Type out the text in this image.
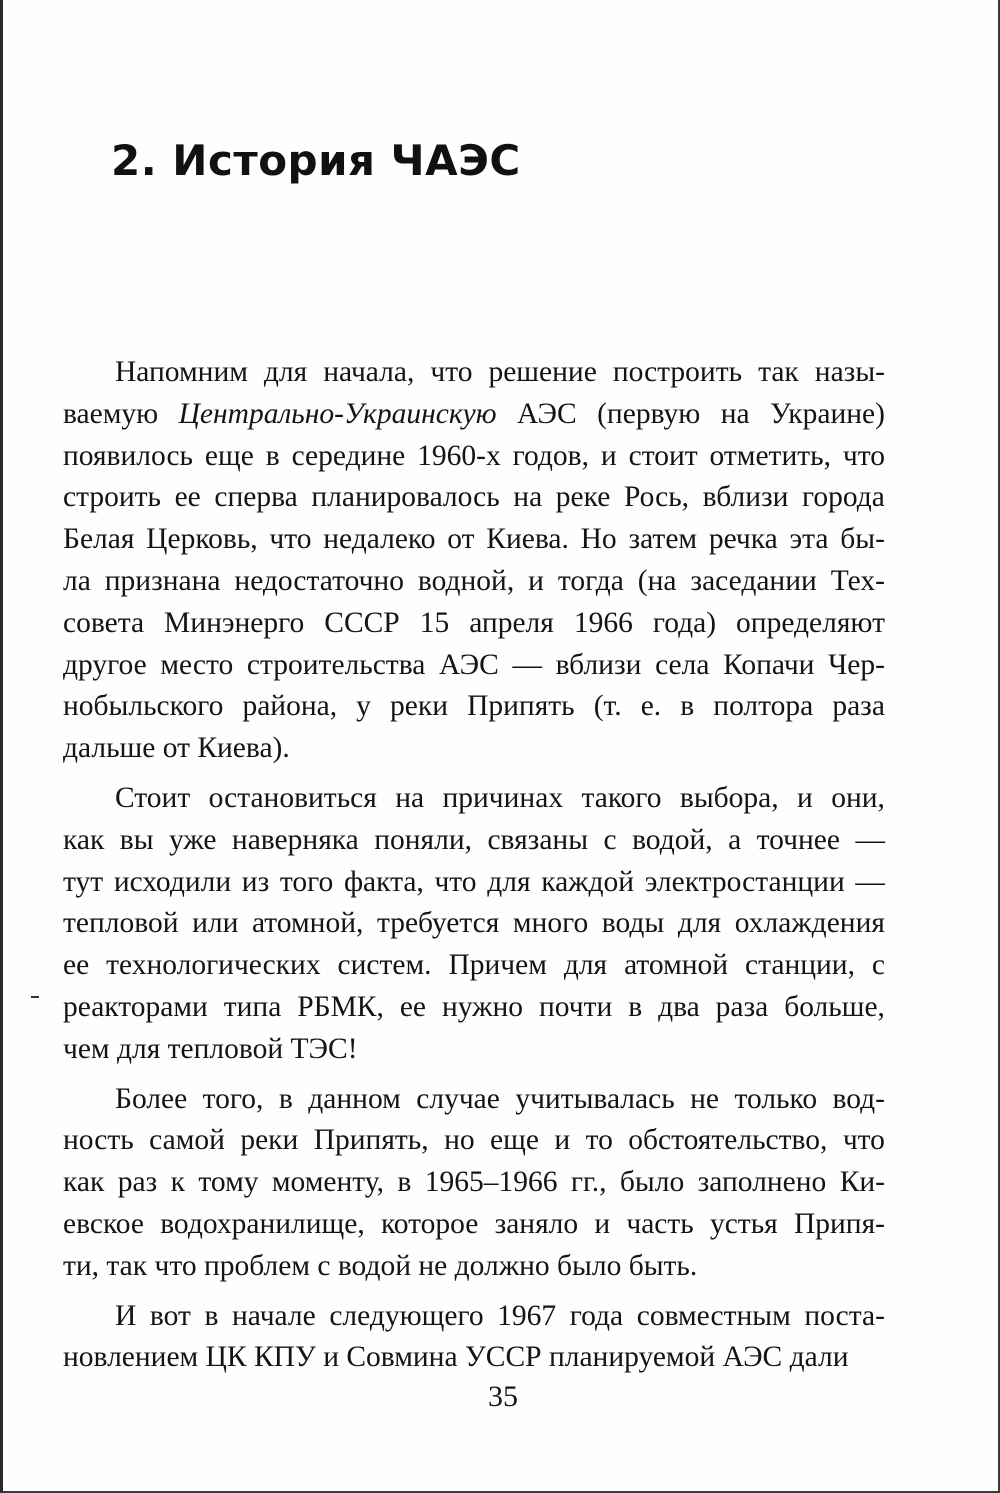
2. История ЧАЭС
Напомним для начала, что решение построить так назы-
ваемую Центрально-Украинскую АЭС (первую на Украине)
появилось еще в середине 1960-х годов, и стоит отметить, что
строить ее сперва планировалось на реке Рось, вблизи города
Белая Церковь, что недалеко от Киева. Но затем речка эта бы-
ла признана недостаточно водной, и тогда (на заседании Тех-
совета Минэнерго СССР 15 апреля 1966 года) определяют
другое место строительства АЭС — вблизи села Копачи Чер-
нобыльского района, у реки Припять (т. е. в полтора раза
дальше от Киева).
Стоит остановиться на причинах такого выбора, и они,
как вы уже наверняка поняли, связаны с водой, а точнее —
тут исходили из того факта, что для каждой электростанции —
тепловой или атомной, требуется много воды для охлаждения
ее технологических систем. Причем для атомной станции, с
реакторами типа РБМК, ее нужно почти в два раза больше,
чем для тепловой ТЭС!
Более того, в данном случае учитывалась не только вод-
ность самой реки Припять, но еще и то обстоятельство, что
как раз к тому моменту, в 1965–1966 гг., было заполнено Ки-
евское водохранилище, которое заняло и часть устья Припя-
ти, так что проблем с водой не должно было быть.
И вот в начале следующего 1967 года совместным поста-
новлением ЦК КПУ и Совмина УССР планируемой АЭС дали
35
